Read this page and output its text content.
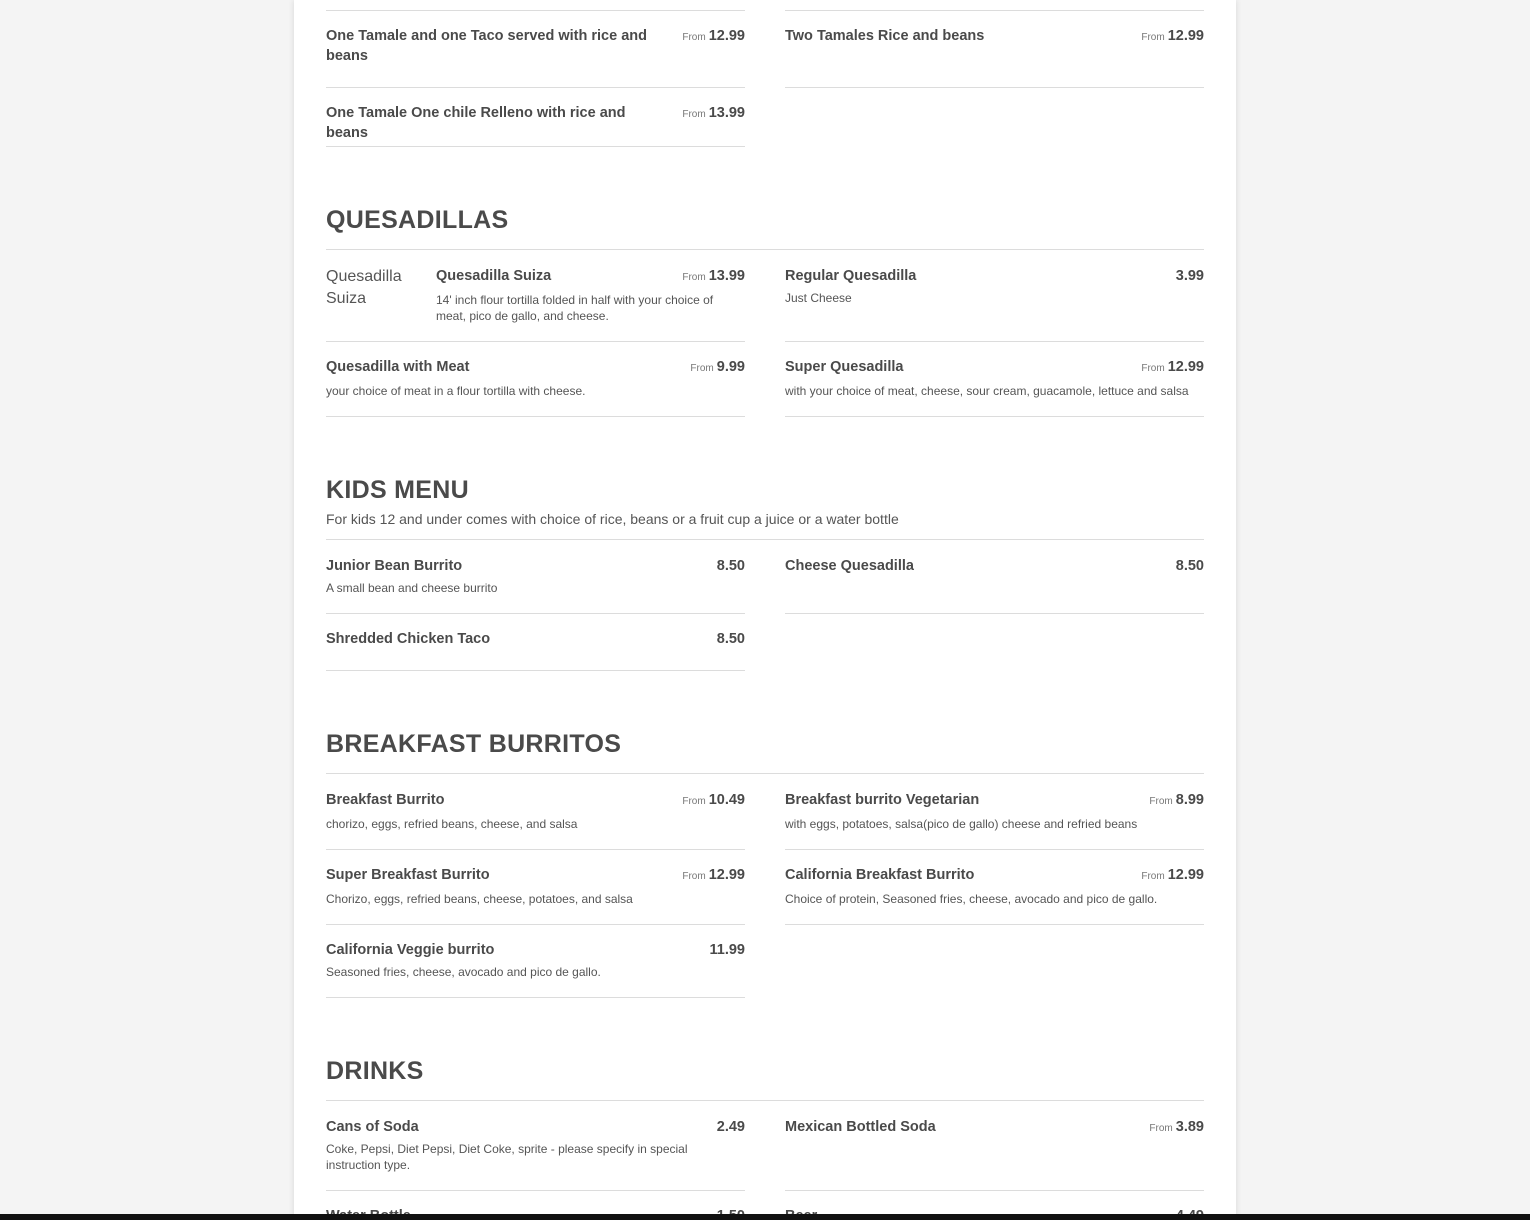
One Tamale and one Taco served with rice and beans
From 12.99	Two Tamales Rice and beans	From 12.99
One Tamale One chile Relleno with rice and beans
From 13.99
QUESADILLAS
Quesadilla Suiza
Quesadilla Suiza	From 13.99
14' inch flour tortilla folded in half with your choice of meat, pico de gallo, and cheese.
Regular Quesadilla	3.99
Just Cheese
Quesadilla with Meat	From 9.99
your choice of meat in a flour tortilla with cheese.
Super Quesadilla	From 12.99
with your choice of meat, cheese, sour cream, guacamole, lettuce and salsa
KIDS MENU
For kids 12 and under comes with choice of rice, beans or a fruit cup a juice or a water bottle
Junior Bean Burrito	8.50
A small bean and cheese burrito
Cheese Quesadilla	8.50
Shredded Chicken Taco	8.50
BREAKFAST BURRITOS
Breakfast Burrito	From 10.49
chorizo, eggs, refried beans, cheese, and salsa
Breakfast burrito Vegetarian	From 8.99
with eggs, potatoes, salsa(pico de gallo) cheese and refried beans
Super Breakfast Burrito	From 12.99
Chorizo, eggs, refried beans, cheese, potatoes, and salsa
California Breakfast Burrito	From 12.99
Choice of protein, Seasoned fries, cheese, avocado and pico de gallo.
California Veggie burrito	11.99
Seasoned fries, cheese, avocado and pico de gallo.
DRINKS
Cans of Soda	2.49
Coke, Pepsi, Diet Pepsi, Diet Coke, sprite - please specify in special instruction type.
Mexican Bottled Soda	From 3.89
